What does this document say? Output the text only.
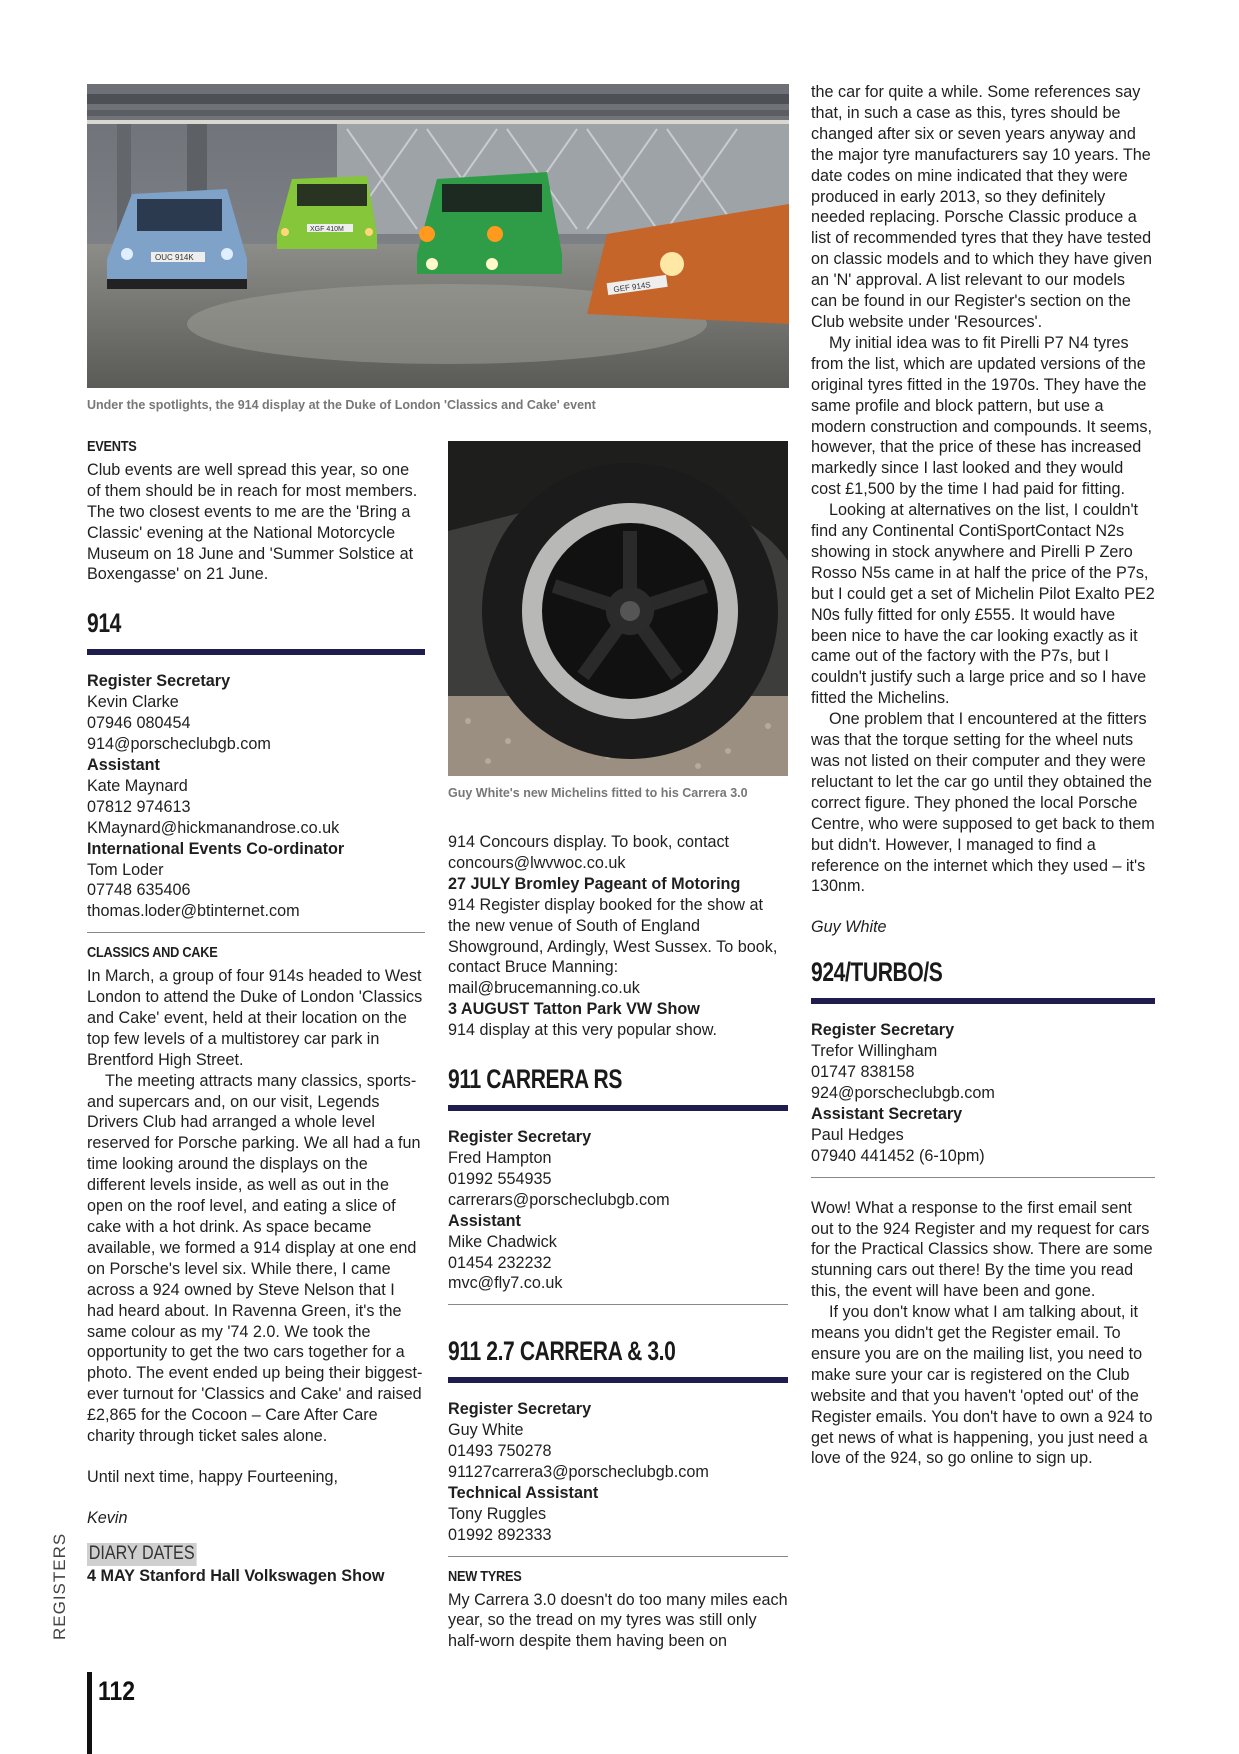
OUC 914K
XGF 410M
GEF 914S
Under the spotlights, the 914 display at the Duke of London 'Classics and Cake' event
Guy White's new Michelins fitted to his Carrera 3.0
EVENTS

Club events are well spread this year, so one of them should be in reach for most members. The two closest events to me are the 'Bring a Classic' evening at the National Motorcycle Museum on 18 June and 'Summer Solstice at Boxengasse' on 21 June.

914
Register Secretary
Kevin Clarke
07946 080454
914@porscheclubgb.com
Assistant
Kate Maynard
07812 974613
KMaynard@hickmanandrose.co.uk
International Events Co-ordinator
Tom Loder
07748 635406
thomas.loder@btinternet.com
CLASSICS AND CAKE

In March, a group of four 914s headed to West London to attend the Duke of London 'Classics and Cake' event, held at their location on the top few levels of a multistorey car park in Brentford High Street.

The meeting attracts many classics, sports- and supercars and, on our visit, Legends Drivers Club had arranged a whole level reserved for Porsche parking. We all had a fun time looking around the displays on the different levels inside, as well as out in the open on the roof level, and eating a slice of cake with a hot drink. As space became available, we formed a 914 display at one end on Porsche's level six. While there, I came across a 924 owned by Steve Nelson that I had heard about. In Ravenna Green, it's the same colour as my '74 2.0. We took the opportunity to get the two cars together for a photo. The event ended up being their biggest-ever turnout for 'Classics and Cake' and raised £2,865 for the Cocoon – Care After Care charity through ticket sales alone.

Until next time, happy Fourteening,

Kevin

DIARY DATES
4 MAY Stanford Hall Volkswagen Show

914 Concours display. To book, contact concours@lwvwoc.co.uk

27 JULY Bromley Pageant of Motoring

914 Register display booked for the show at the new venue of South of England Showground, Ardingly, West Sussex. To book, contact Bruce Manning: mail@brucemanning.co.uk

3 AUGUST Tatton Park VW Show

914 display at this very popular show.

911 CARRERA RS
Register Secretary
Fred Hampton
01992 554935
carrerars@porscheclubgb.com
Assistant
Mike Chadwick
01454 232232
mvc@fly7.co.uk
911 2.7 CARRERA & 3.0
Register Secretary
Guy White
01493 750278
91127carrera3@porscheclubgb.com
Technical Assistant
Tony Ruggles
01992 892333
NEW TYRES

My Carrera 3.0 doesn't do too many miles each year, so the tread on my tyres was still only half-worn despite them having been on

the car for quite a while. Some references say that, in such a case as this, tyres should be changed after six or seven years anyway and the major tyre manufacturers say 10 years. The date codes on mine indicated that they were produced in early 2013, so they definitely needed replacing. Porsche Classic produce a list of recommended tyres that they have tested on classic models and to which they have given an 'N' approval. A list relevant to our models can be found in our Register's section on the Club website under 'Resources'.

My initial idea was to fit Pirelli P7 N4 tyres from the list, which are updated versions of the original tyres fitted in the 1970s. They have the same profile and block pattern, but use a modern construction and compounds. It seems, however, that the price of these has increased markedly since I last looked and they would cost £1,500 by the time I had paid for fitting.

Looking at alternatives on the list, I couldn't find any Continental ContiSportContact N2s showing in stock anywhere and Pirelli P Zero Rosso N5s came in at half the price of the P7s, but I could get a set of Michelin Pilot Exalto PE2 N0s fully fitted for only £555. It would have been nice to have the car looking exactly as it came out of the factory with the P7s, but I couldn't justify such a large price and so I have fitted the Michelins.

One problem that I encountered at the fitters was that the torque setting for the wheel nuts was not listed on their computer and they were reluctant to let the car go until they obtained the correct figure. They phoned the local Porsche Centre, who were supposed to get back to them but didn't. However, I managed to find a reference on the internet which they used – it's 130nm.

Guy White

924/TURBO/S
Register Secretary
Trefor Willingham
01747 838158
924@porscheclubgb.com
Assistant Secretary
Paul Hedges
07940 441452 (6-10pm)

Wow! What a response to the first email sent out to the 924 Register and my request for cars for the Practical Classics show. There are some stunning cars out there! By the time you read this, the event will have been and gone.

If you don't know what I am talking about, it means you didn't get the Register email. To ensure you are on the mailing list, you need to make sure your car is registered on the Club website and that you haven't 'opted out' of the Register emails. You don't have to own a 924 to get news of what is happening, you just need a love of the 924, so go online to sign up.

REGISTERS
112
